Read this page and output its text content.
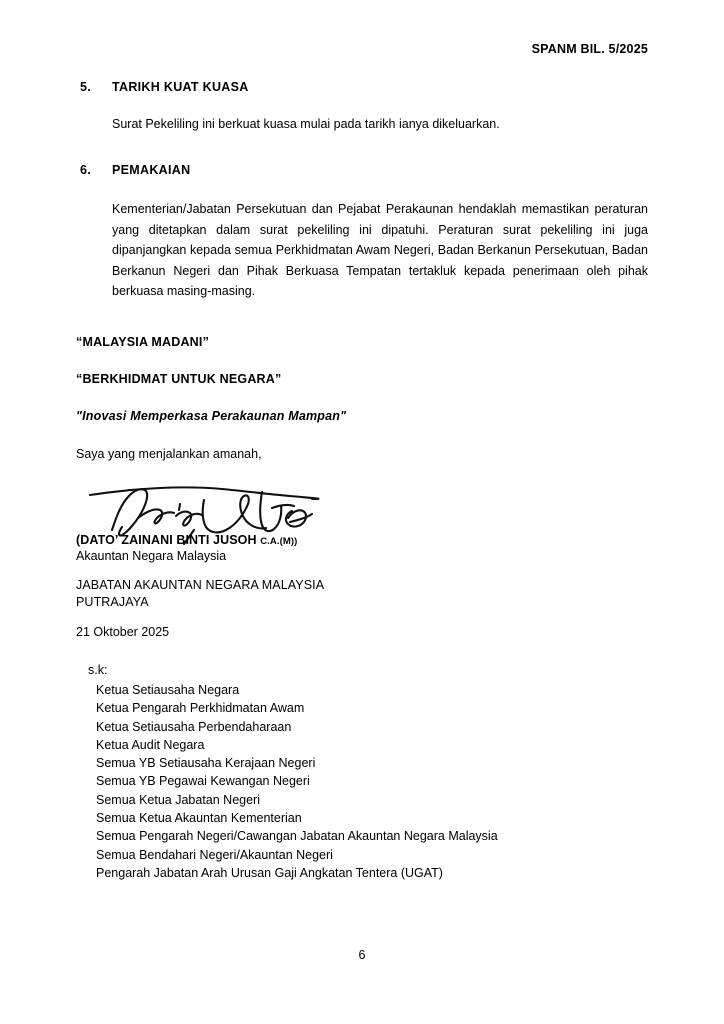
SPANM BIL. 5/2025
5.	TARIKH KUAT KUASA
Surat Pekeliling ini berkuat kuasa mulai pada tarikh ianya dikeluarkan.
6.	PEMAKAIAN
Kementerian/Jabatan Persekutuan dan Pejabat Perakaunan hendaklah memastikan peraturan yang ditetapkan dalam surat pekeliling ini dipatuhi. Peraturan surat pekeliling ini juga dipanjangkan kepada semua Perkhidmatan Awam Negeri, Badan Berkanun Persekutuan, Badan Berkanun Negeri dan Pihak Berkuasa Tempatan tertakluk kepada penerimaan oleh pihak berkuasa masing-masing.
“MALAYSIA MADANI”
“BERKHIDMAT UNTUK NEGARA”
"Inovasi Memperkasa Perakaunan Mampan"
Saya yang menjalankan amanah,
(DATO’ ZAINANI BINTI JUSOH C.A.(M))
Akauntan Negara Malaysia
JABATAN AKAUNTAN NEGARA MALAYSIA
PUTRAJAYA
21 Oktober 2025
s.k:
Ketua Setiausaha Negara
Ketua Pengarah Perkhidmatan Awam
Ketua Setiausaha Perbendaharaan
Ketua Audit Negara
Semua YB Setiausaha Kerajaan Negeri
Semua YB Pegawai Kewangan Negeri
Semua Ketua Jabatan Negeri
Semua Ketua Akauntan Kementerian
Semua Pengarah Negeri/Cawangan Jabatan Akauntan Negara Malaysia
Semua Bendahari Negeri/Akauntan Negeri
Pengarah Jabatan Arah Urusan Gaji Angkatan Tentera (UGAT)
6
